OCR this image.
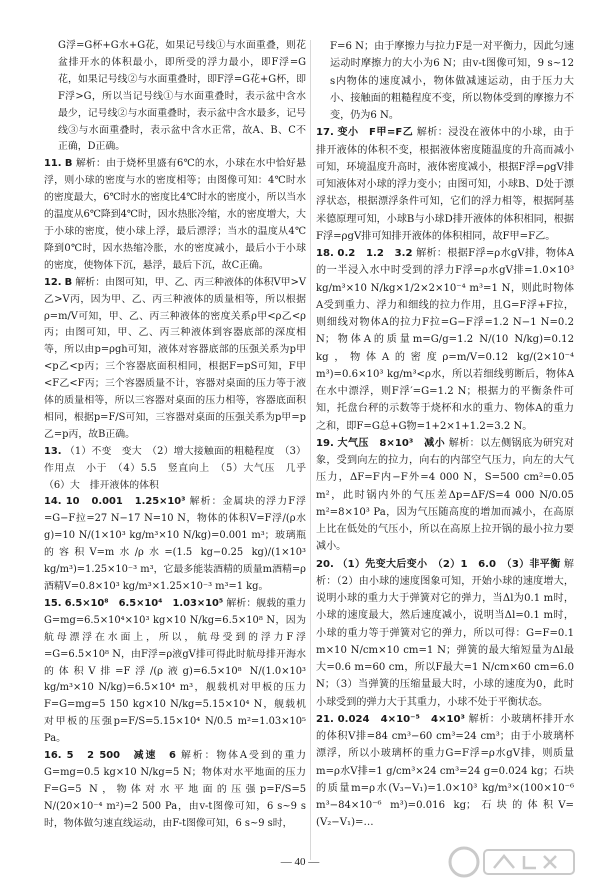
G浮=G杯+G水+G花，如果记号线①与水面重叠，则花盆排开水的体积最小，即所受的浮力最小，即F浮=G花，如果记号线②与水面重叠时，即F浮=G花+G杯，即F浮>G，所以当记号线①与水面重叠时，表示盆中含水最少，记号线②与水面重叠时，表示盆中含水最多，记号线③与水面重叠时，表示盆中含水正常，故A、B、C不正确，D正确。

11. B 解析：由于烧杯里盛有6℃的水，小球在水中恰好悬浮，则小球的密度与水的密度相等；由图像可知：4℃时水的密度最大，6℃时水的密度比4℃时水的密度小，所以当水的温度从6℃降到4℃时，因水热胀冷缩，水的密度增大，大于小球的密度，使小球上浮，最后漂浮；当水的温度从4℃降到0℃时，因水热缩冷胀，水的密度减小，最后小于小球的密度，使物体下沉，悬浮，最后下沉，故C正确。

12. B 解析：由图可知，甲、乙、丙三种液体的体积V甲>V乙>V丙，因为甲、乙、丙三种液体的质量相等，所以根据ρ=m/V可知，甲、乙、丙三种液体的密度关系ρ甲<ρ乙<ρ丙；由图可知，甲、乙、丙三种液体到容器底部的深度相等，所以由p=ρgh可知，液体对容器底部的压强关系为p甲<p乙<p丙；三个容器底面积相同，根据F=pS可知，F甲<F乙<F丙；三个容器质量不计，容器对桌面的压力等于液体的质量相等，所以三容器对桌面的压力相等，容器底面积相同，根据p=F/S可知，三容器对桌面的压强关系为p甲=p乙=p丙，故B正确。

13. （1）不变　变大　（2）增大接触面的粗糙程度　（3）作用点　小于　（4）5.5　竖直向上　（5）大气压　几乎　（6）大　排开液体的体积

14. 10　0.001　1.25×10³ 解析：金属块的浮力F浮=G−F拉=27 N−17 N=10 N，物体的体积V=F浮/(ρ水g)=10 N/(1×10³ kg/m³×10 N/kg)=0.001 m³；玻璃瓶的容积V=m水/ρ水=(1.5 kg−0.25 kg)/(1×10³ kg/m³)=1.25×10⁻³ m³，它最多能装酒精的质量m酒精=ρ酒精V=0.8×10³ kg/m³×1.25×10⁻³ m³=1 kg。

15. 6.5×10⁸　6.5×10⁴　1.03×10⁵ 解析：舰载的重力G=mg=6.5×10⁴×10³ kg×10 N/kg=6.5×10⁸ N，因为航母漂浮在水面上，所以，航母受到的浮力F浮=G=6.5×10⁸ N，由F浮=ρ液gV排可得此时航母排开海水的体积V排=F浮/(ρ液g)=6.5×10⁸ N/(1.0×10³ kg/m³×10 N/kg)=6.5×10⁴ m³，舰载机对甲板的压力F=G=mg=5 150 kg×10 N/kg=5.15×10⁴ N，舰载机对甲板的压强p=F/S=5.15×10⁴ N/0.5 m²=1.03×10⁵ Pa。

16. 5　2 500　减速　6 解析：物体A受到的重力G=mg=0.5 kg×10 N/kg=5 N；物体对水平地面的压力F=G=5 N，物体对水平地面的压强p=F/S=5 N/(20×10⁻⁴ m²)=2 500 Pa，由v-t图像可知，6 s~9 s时，物体做匀速直线运动，由F-t图像可知，6 s~9 s时，

F=6 N；由于摩擦力与拉力F是一对平衡力，因此匀速运动时摩擦力的大小为6 N；由v-t图像可知，9 s~12 s内物体的速度减小，物体做减速运动，由于压力大小、接触面的粗糙程度不变，所以物体受到的摩擦力不变，仍为6 N。

17. 变小　F甲=F乙 解析：浸没在液体中的小球，由于排开液体的体积不变，根据液体密度随温度的升高而减小可知，环境温度升高时，液体密度减小，根据F浮=ρgV排可知液体对小球的浮力变小；由图可知，小球B、D处于漂浮状态，根据漂浮条件可知，它们的浮力相等，根据阿基米德原理可知，小球B与小球D排开液体的体积相同，根据F浮=ρgV排可知排开液体的体积相同，故F甲=F乙。

18. 0.2　1.2　3.2 解析：根据F浮=ρ水gV排，物体A的一半浸入水中时受到的浮力F浮=ρ水gV排=1.0×10³ kg/m³×10 N/kg×1/2×2×10⁻⁴ m³=1 N，则此时物体A受到重力、浮力和细线的拉力作用，且G=F浮+F拉，则细线对物体A的拉力F拉=G−F浮=1.2 N−1 N=0.2 N；物体A的质量m=G/g=1.2 N/(10 N/kg)=0.12 kg，物体A的密度ρ=m/V=0.12 kg/(2×10⁻⁴ m³)=0.6×10³ kg/m³<ρ水，所以若细线剪断后，物体A在水中漂浮，则F浮′=G=1.2 N；根据力的平衡条件可知，托盘台秤的示数等于烧杯和水的重力、物体A的重力之和，即F=G总+G物=1+2×1+1.2=3.2 N。

19. 大气压　8×10³　减小 解析：以左侧锅底为研究对象，受到向左的拉力，向右的内部空气压力，向左的大气压力，ΔF=F内−F外=4 000 N，S=500 cm²=0.05 m²，此时锅内外的气压差Δp=ΔF/S=4 000 N/0.05 m²=8×10³ Pa，因为气压随高度的增加而减小，在高原上比在低处的气压小，所以在高原上拉开锅的最小拉力要减小。

20. （1）先变大后变小　（2）1　6.0　（3）非平衡 解析：（2）由小球的速度图象可知，开始小球的速度增大，说明小球的重力大于弹簧对它的弹力，当Δl为0.1 m时，小球的速度最大，然后速度减小，说明当Δl=0.1 m时，小球的重力等于弹簧对它的弹力，所以可得：G=F=0.1 m×10 N/cm×10 cm=1 N；弹簧的最大缩短量为Δl最大=0.6 m=60 cm，所以F最大=1 N/cm×60 cm=6.0 N；（3）当弹簧的压缩量最大时，小球的速度为0，此时小球受到的弹力大于其重力，小球不处于平衡状态。

21. 0.024　4×10⁻⁵　4×10³ 解析：小玻璃杯排开水的体积V排=84 cm³−60 cm³=24 cm³；由于小玻璃杯漂浮，所以小玻璃杯的重力G=F浮=ρ水gV排，则质量m=ρ水V排=1 g/cm³×24 cm³=24 g=0.024 kg；石块的质量m=ρ水(V₃−V₁)=1.0×10³ kg/m³×(100×10⁻⁶ m³−84×10⁻⁶ m³)=0.016 kg；石块的体积V=(V₂−V₁)=…

— 40 —
